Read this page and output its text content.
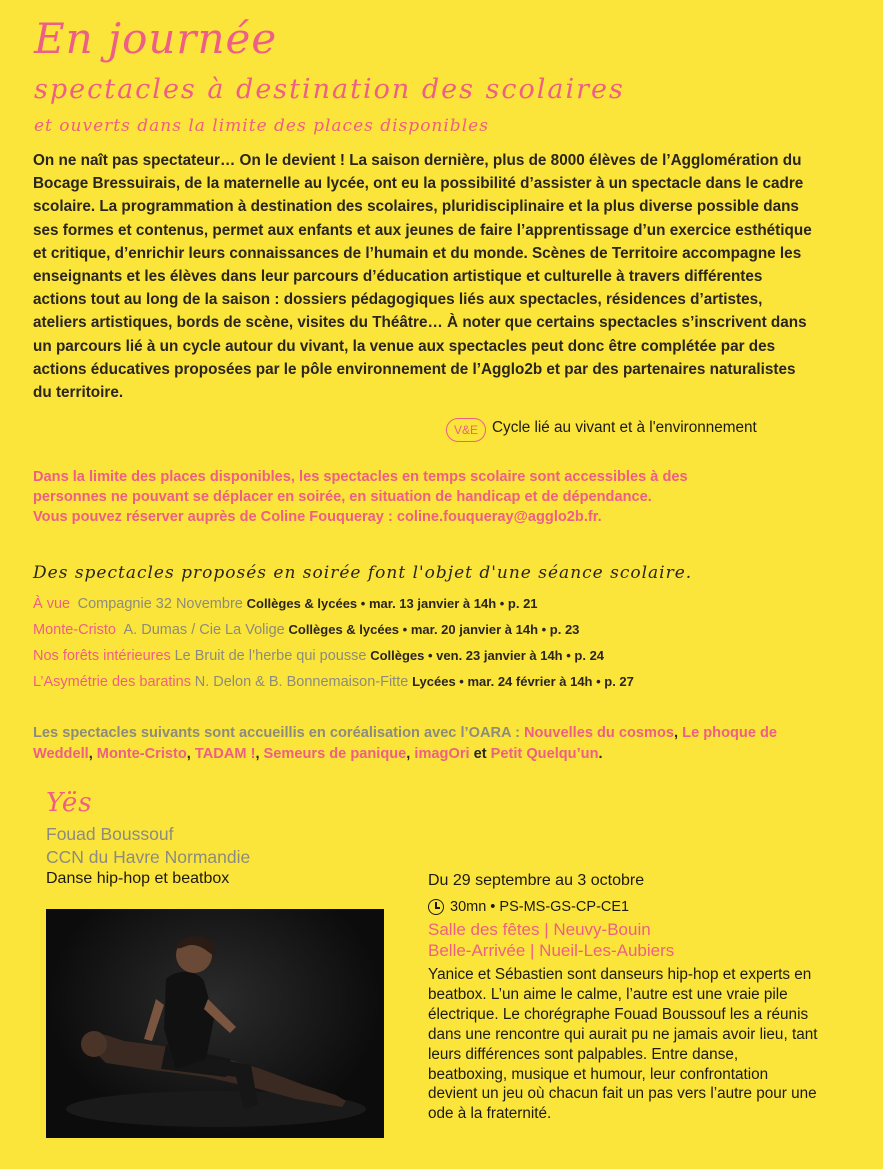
En journée
spectacles à destination des scolaires
et ouverts dans la limite des places disponibles
On ne naît pas spectateur… On le devient ! La saison dernière, plus de 8000 élèves de l’Agglomération du Bocage Bressuirais, de la maternelle au lycée, ont eu la possibilité d’assister à un spectacle dans le cadre scolaire. La programmation à destination des scolaires, pluridisciplinaire et la plus diverse possible dans ses formes et contenus, permet aux enfants et aux jeunes de faire l’apprentissage d’un exercice esthétique et critique, d’enrichir leurs connaissances de l’humain et du monde. Scènes de Territoire accompagne les enseignants et les élèves dans leur parcours d’éducation artistique et culturelle à travers différentes actions tout au long de la saison : dossiers pédagogiques liés aux spectacles, résidences d’artistes, ateliers artistiques, bords de scène, visites du Théâtre… À noter que certains spectacles s’inscrivent dans un parcours lié à un cycle autour du vivant, la venue aux spectacles peut donc être complétée par des actions éducatives proposées par le pôle environnement de l’Agglo2b et par des partenaires naturalistes du territoire.
V&E Cycle lié au vivant et à l'environnement
Dans la limite des places disponibles, les spectacles en temps scolaire sont accessibles à des
personnes ne pouvant se déplacer en soirée, en situation de handicap et de dépendance.
Vous pouvez réserver auprès de Coline Fouqueray : coline.fouqueray@agglo2b.fr.
Des spectacles proposés en soirée font l'objet d'une séance scolaire.
À vue Compagnie 32 Novembre Collèges & lycées • mar. 13 janvier à 14h • p. 21
Monte-Cristo A. Dumas / Cie La Volige Collèges & lycées • mar. 20 janvier à 14h • p. 23
Nos forêts intérieures Le Bruit de l’herbe qui pousse Collèges • ven. 23 janvier à 14h • p. 24
L’Asymétrie des baratins N. Delon & B. Bonnemaison-Fitte Lycées • mar. 24 février à 14h • p. 27
Les spectacles suivants sont accueillis en coréalisation avec l’OARA : Nouvelles du cosmos, Le phoque de Weddell, Monte-Cristo, TADAM !, Semeurs de panique, imagOri et Petit Quelqu’un.
Yës
Fouad Boussouf
CCN du Havre Normandie
Danse hip-hop et beatbox	Du 29 septembre au 3 octobre
30mn • PS-MS-GS-CP-CE1
Salle des fêtes | Neuvy-Bouin
Belle-Arrivée | Nueil-Les-Aubiers
Yanice et Sébastien sont danseurs hip-hop et experts en beatbox. L’un aime le calme, l’autre est une vraie pile électrique. Le chorégraphe Fouad Boussouf les a réunis dans une rencontre qui aurait pu ne jamais avoir lieu, tant leurs différences sont palpables. Entre danse, beatboxing, musique et humour, leur confrontation devient un jeu où chacun fait un pas vers l’autre pour une ode à la fraternité.
